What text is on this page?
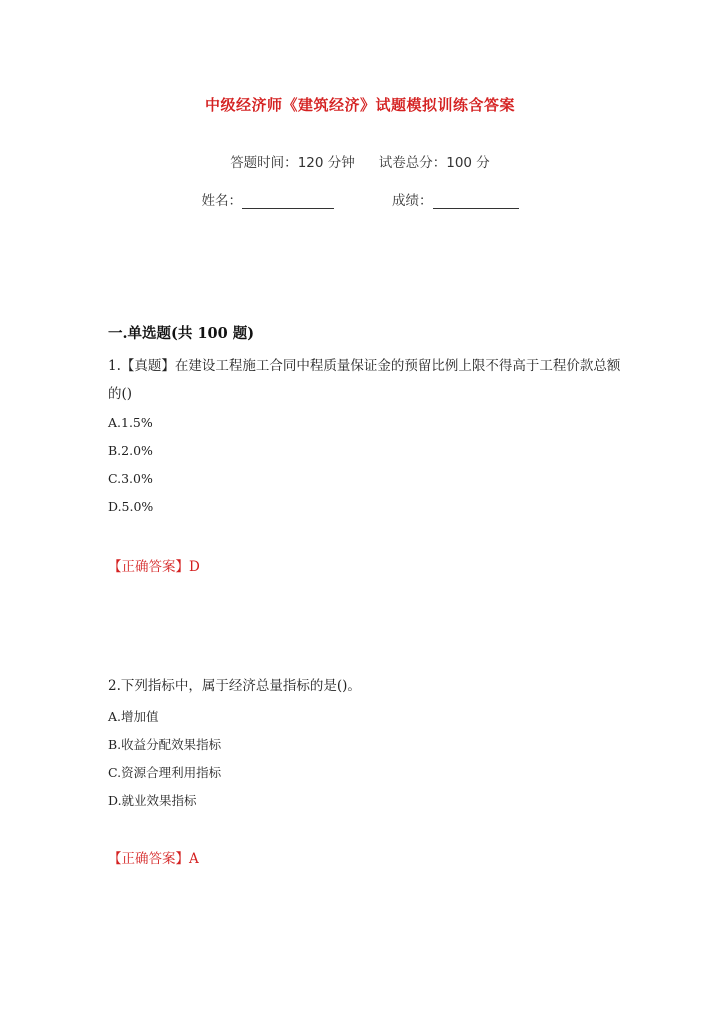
中级经济师《建筑经济》试题模拟训练含答案
答题时间：120 分钟 试卷总分：100 分
姓名：	成绩：
一.单选题(共 100 题)
1.【真题】在建设工程施工合同中程质量保证金的预留比例上限不得高于工程价款总额的()
A.1.5%
B.2.0%
C.3.0%
D.5.0%
【正确答案】D
2.下列指标中，属于经济总量指标的是()。
A.增加值
B.收益分配效果指标
C.资源合理利用指标
D.就业效果指标
【正确答案】A
